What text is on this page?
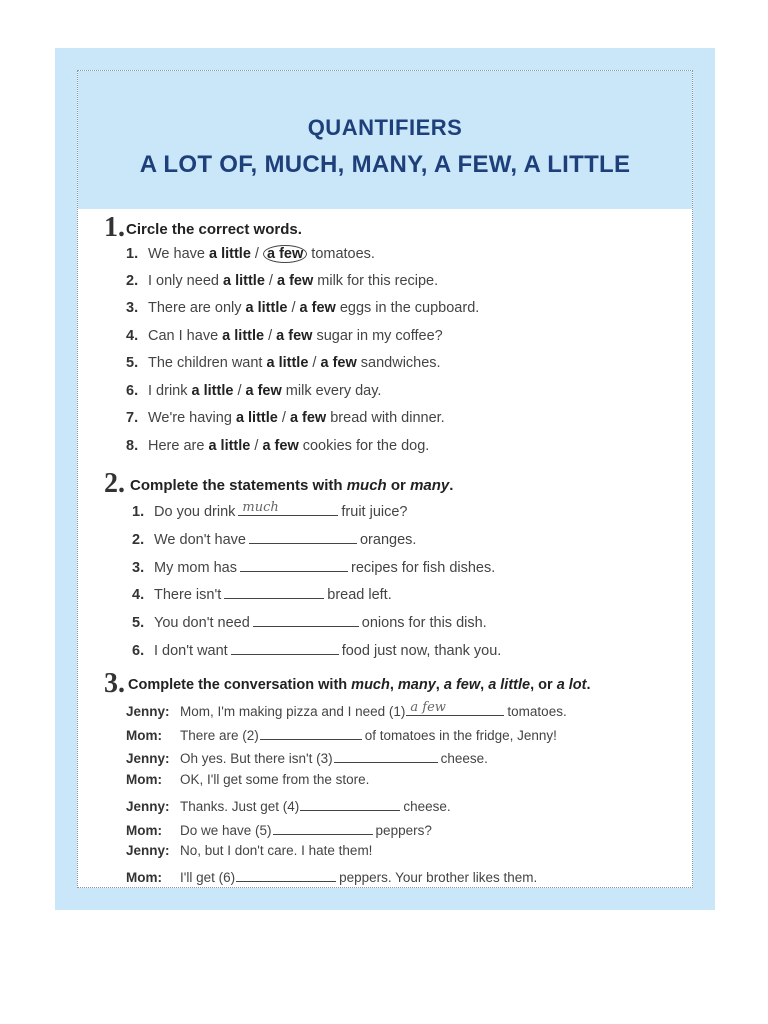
QUANTIFIERS
A LOT OF, MUCH, MANY, A FEW, A LITTLE
1. Circle the correct words.
1. We have a little / a few tomatoes.
2. I only need a little / a few milk for this recipe.
3. There are only a little / a few eggs in the cupboard.
4. Can I have a little / a few sugar in my coffee?
5. The children want a little / a few sandwiches.
6. I drink a little / a few milk every day.
7. We're having a little / a few bread with dinner.
8. Here are a little / a few cookies for the dog.
2. Complete the statements with much or many.
1. Do you drink much	fruit juice?
2. We don't have	oranges.
3. My mom has	recipes for fish dishes.
4. There isn't	bread left.
5. You don't need	onions for this dish.
6. I don't want	food just now, thank you.
3. Complete the conversation with much, many, a few, a little, or a lot.
Jenny: Mom, I'm making pizza and I need (1) a few	tomatoes.
Mom: There are (2)	of tomatoes in the fridge, Jenny!
Jenny: Oh yes. But there isn't (3)	cheese.
Mom: OK, I'll get some from the store.
Jenny: Thanks. Just get (4)	cheese.
Mom: Do we have (5)	peppers?
Jenny: No, but I don't care. I hate them!
Mom: I'll get (6)	peppers. Your brother likes them.
